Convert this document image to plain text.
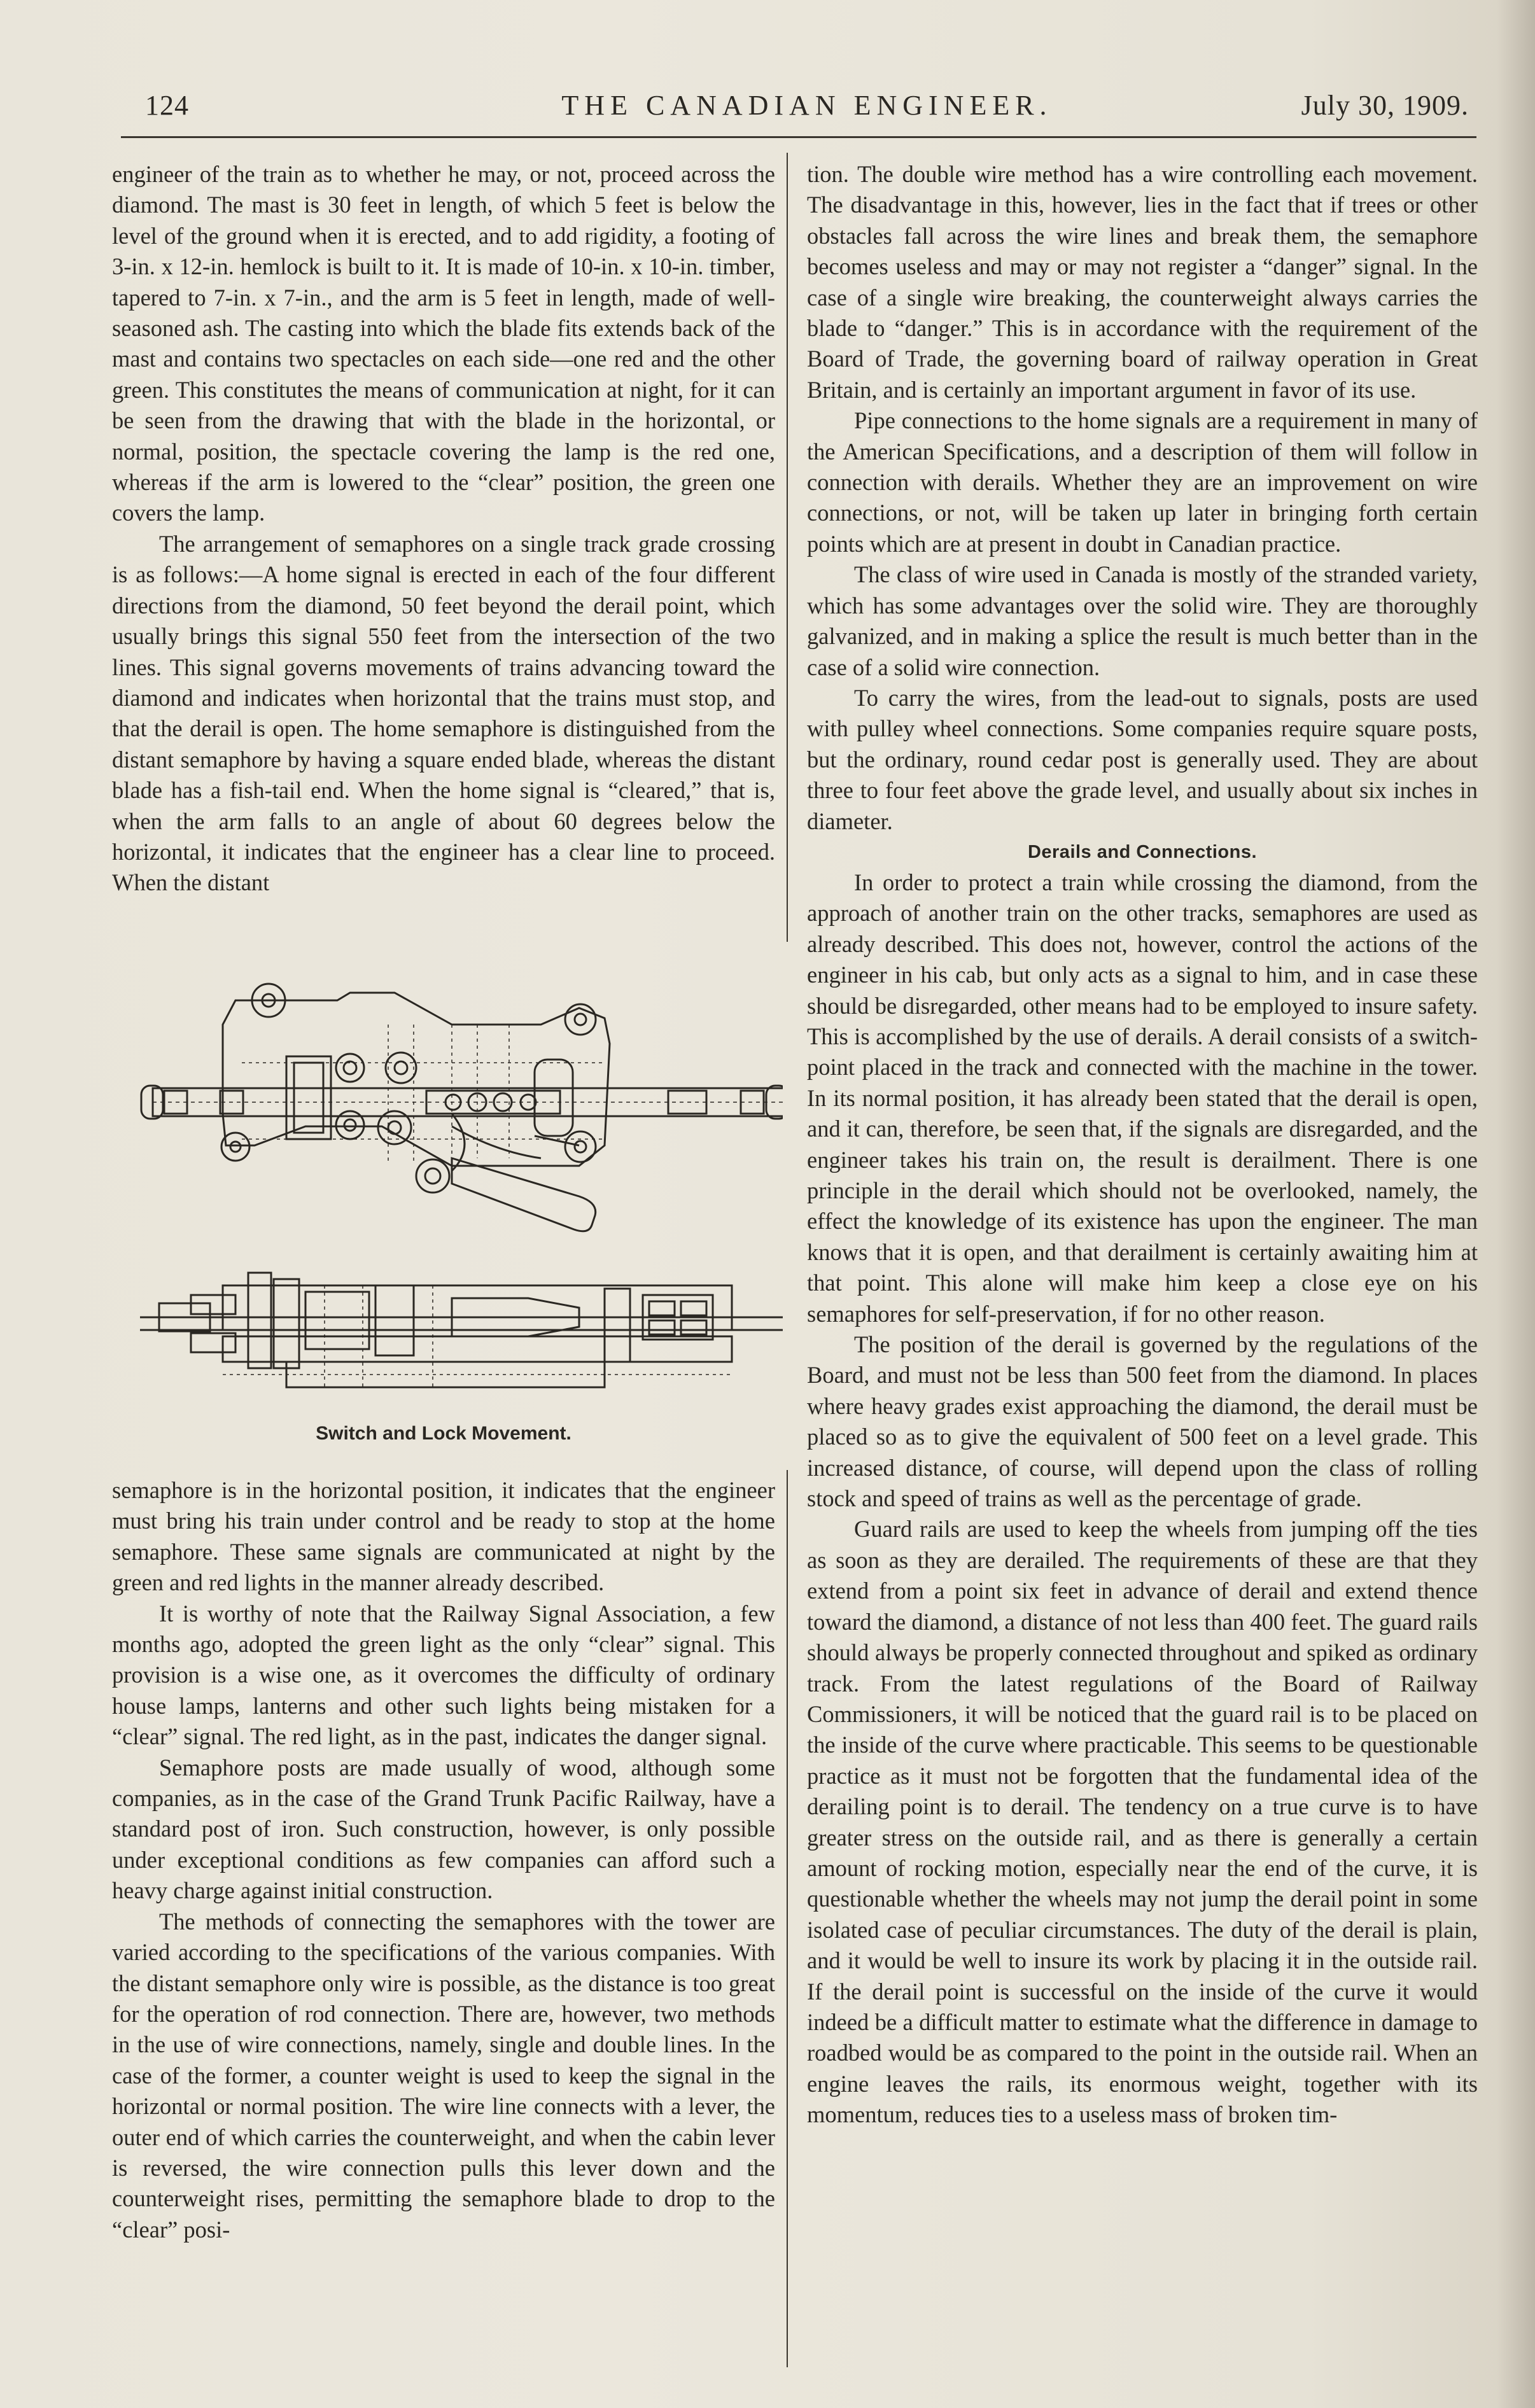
124	THE CANADIAN ENGINEER.	July 30, 1909.

engineer of the train as to whether he may, or not, proceed across the diamond. The mast is 30 feet in length, of which 5 feet is below the level of the ground when it is erected, and to add rigidity, a footing of 3-in. x 12-in. hemlock is built to it. It is made of 10-in. x 10-in. timber, tapered to 7-in. x 7-in., and the arm is 5 feet in length, made of well-seasoned ash. The casting into which the blade fits extends back of the mast and contains two spectacles on each side—one red and the other green. This constitutes the means of communication at night, for it can be seen from the drawing that with the blade in the horizontal, or normal, position, the spectacle covering the lamp is the red one, whereas if the arm is lowered to the “clear” position, the green one covers the lamp.

The arrangement of semaphores on a single track grade crossing is as follows:—A home signal is erected in each of the four different directions from the diamond, 50 feet beyond the derail point, which usually brings this signal 550 feet from the intersection of the two lines. This signal governs movements of trains advancing toward the diamond and indicates when horizontal that the trains must stop, and that the derail is open. The home semaphore is distinguished from the distant semaphore by having a square ended blade, whereas the distant blade has a fish-tail end. When the home signal is “cleared,” that is, when the arm falls to an angle of about 60 degrees below the horizontal, it indicates that the engineer has a clear line to proceed. When the distant

Switch and Lock Movement.

semaphore is in the horizontal position, it indicates that the engineer must bring his train under control and be ready to stop at the home semaphore. These same signals are communicated at night by the green and red lights in the manner already described.

It is worthy of note that the Railway Signal Association, a few months ago, adopted the green light as the only “clear” signal. This provision is a wise one, as it overcomes the difficulty of ordinary house lamps, lanterns and other such lights being mistaken for a “clear” signal. The red light, as in the past, indicates the danger signal.

Semaphore posts are made usually of wood, although some companies, as in the case of the Grand Trunk Pacific Railway, have a standard post of iron. Such construction, however, is only possible under exceptional conditions as few companies can afford such a heavy charge against initial construction.

The methods of connecting the semaphores with the tower are varied according to the specifications of the various companies. With the distant semaphore only wire is possible, as the distance is too great for the operation of rod connection. There are, however, two methods in the use of wire connections, namely, single and double lines. In the case of the former, a counter weight is used to keep the signal in the horizontal or normal position. The wire line connects with a lever, the outer end of which carries the counterweight, and when the cabin lever is reversed, the wire connection pulls this lever down and the counterweight rises, permitting the semaphore blade to drop to the “clear” posi-

tion. The double wire method has a wire controlling each movement. The disadvantage in this, however, lies in the fact that if trees or other obstacles fall across the wire lines and break them, the semaphore becomes useless and may or may not register a “danger” signal. In the case of a single wire breaking, the counterweight always carries the blade to “danger.” This is in accordance with the requirement of the Board of Trade, the governing board of railway operation in Great Britain, and is certainly an important argument in favor of its use.

Pipe connections to the home signals are a requirement in many of the American Specifications, and a description of them will follow in connection with derails. Whether they are an improvement on wire connections, or not, will be taken up later in bringing forth certain points which are at present in doubt in Canadian practice.

The class of wire used in Canada is mostly of the stranded variety, which has some advantages over the solid wire. They are thoroughly galvanized, and in making a splice the result is much better than in the case of a solid wire connection.

To carry the wires, from the lead-out to signals, posts are used with pulley wheel connections. Some companies require square posts, but the ordinary, round cedar post is generally used. They are about three to four feet above the grade level, and usually about six inches in diameter.

Derails and Connections.

In order to protect a train while crossing the diamond, from the approach of another train on the other tracks, semaphores are used as already described. This does not, however, control the actions of the engineer in his cab, but only acts as a signal to him, and in case these should be disregarded, other means had to be employed to insure safety. This is accomplished by the use of derails. A derail consists of a switch-point placed in the track and connected with the machine in the tower. In its normal position, it has already been stated that the derail is open, and it can, therefore, be seen that, if the signals are disregarded, and the engineer takes his train on, the result is derailment. There is one principle in the derail which should not be overlooked, namely, the effect the knowledge of its existence has upon the engineer. The man knows that it is open, and that derailment is certainly awaiting him at that point. This alone will make him keep a close eye on his semaphores for self-preservation, if for no other reason.

The position of the derail is governed by the regulations of the Board, and must not be less than 500 feet from the diamond. In places where heavy grades exist approaching the diamond, the derail must be placed so as to give the equivalent of 500 feet on a level grade. This increased distance, of course, will depend upon the class of rolling stock and speed of trains as well as the percentage of grade.

Guard rails are used to keep the wheels from jumping off the ties as soon as they are derailed. The requirements of these are that they extend from a point six feet in advance of derail and extend thence toward the diamond, a distance of not less than 400 feet. The guard rails should always be properly connected throughout and spiked as ordinary track. From the latest regulations of the Board of Railway Commissioners, it will be noticed that the guard rail is to be placed on the inside of the curve where practicable. This seems to be questionable practice as it must not be forgotten that the fundamental idea of the derailing point is to derail. The tendency on a true curve is to have greater stress on the outside rail, and as there is generally a certain amount of rocking motion, especially near the end of the curve, it is questionable whether the wheels may not jump the derail point in some isolated case of peculiar circumstances. The duty of the derail is plain, and it would be well to insure its work by placing it in the outside rail. If the derail point is successful on the inside of the curve it would indeed be a difficult matter to estimate what the difference in damage to roadbed would be as compared to the point in the outside rail. When an engine leaves the rails, its enormous weight, together with its momentum, reduces ties to a useless mass of broken tim-
